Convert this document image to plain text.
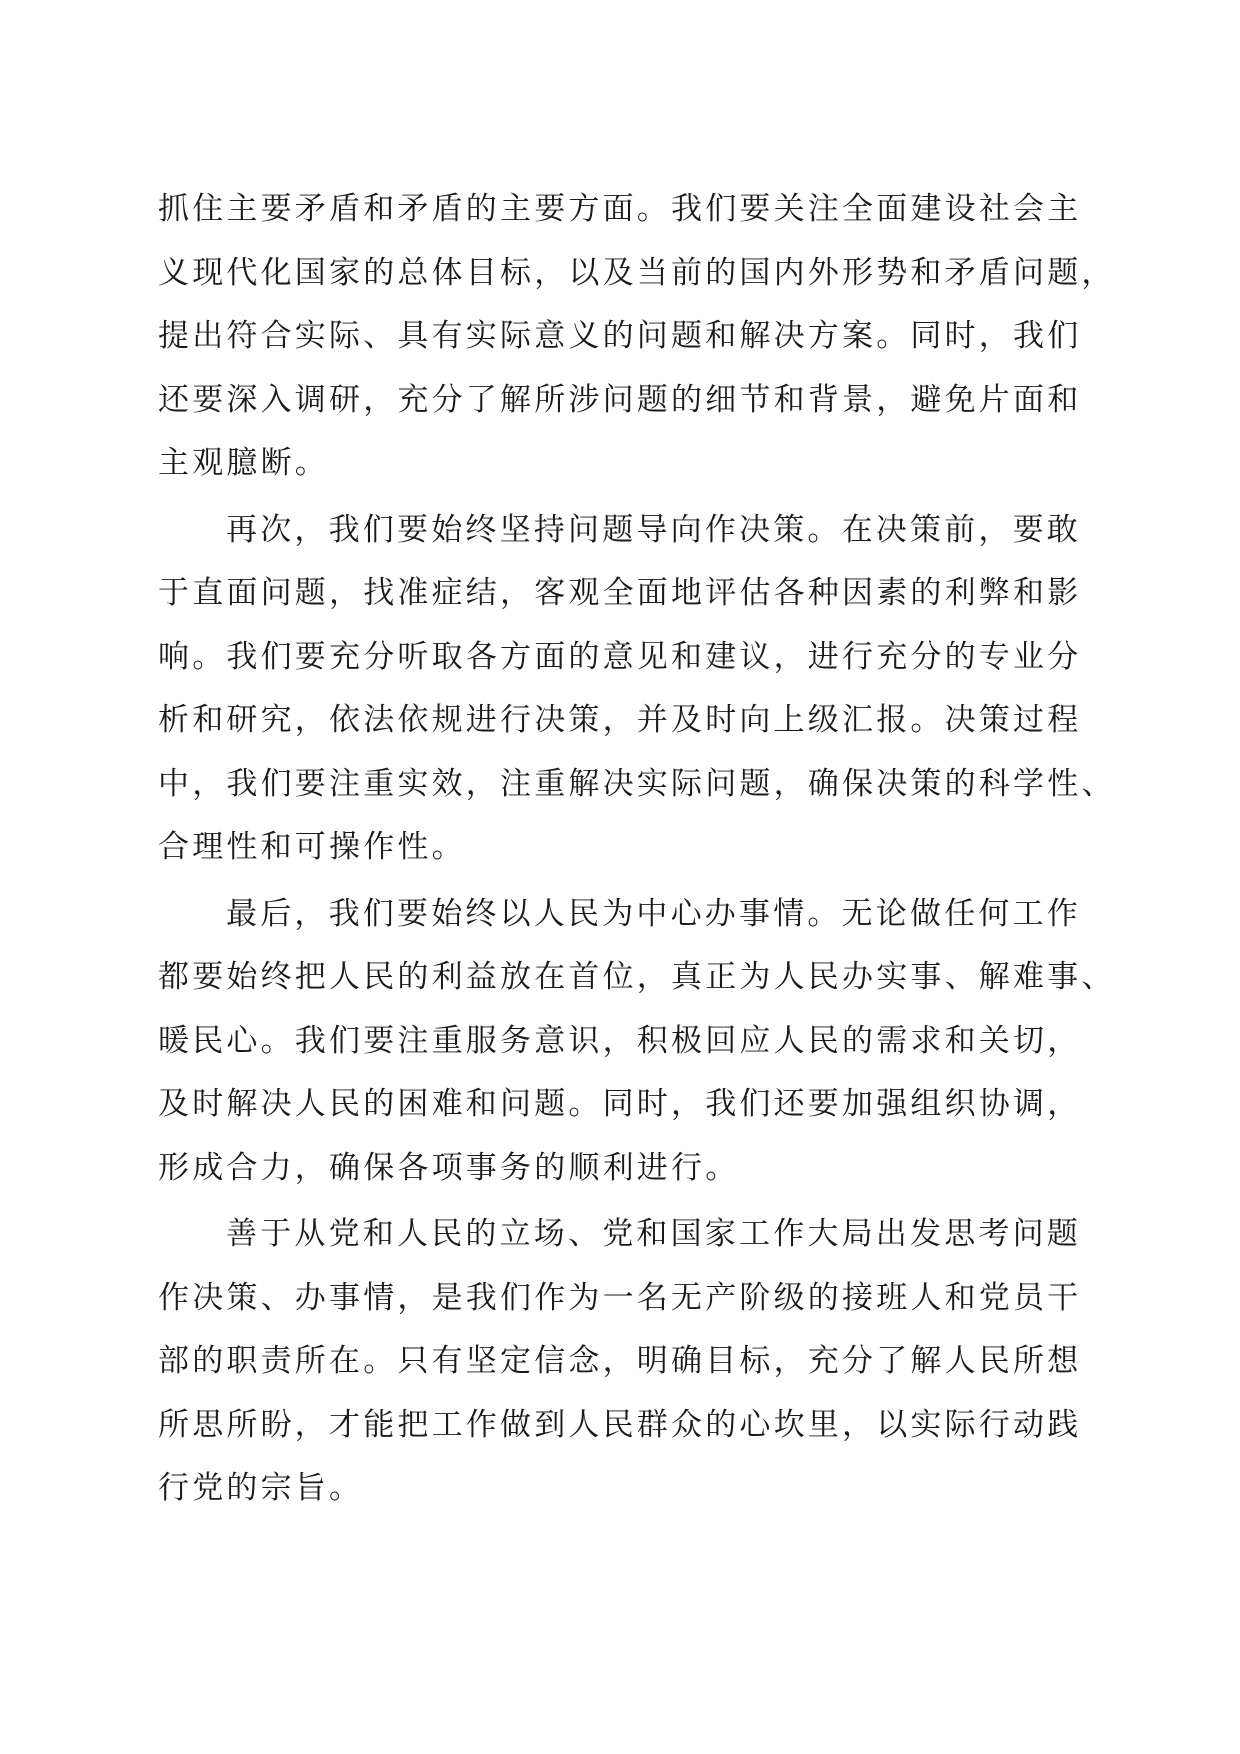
抓住主要矛盾和矛盾的主要方面。我们要关注全面建设社会主
义现代化国家的总体目标，以及当前的国内外形势和矛盾问题，
提出符合实际、具有实际意义的问题和解决方案。同时，我们
还要深入调研，充分了解所涉问题的细节和背景，避免片面和
主观臆断。
再次，我们要始终坚持问题导向作决策。在决策前，要敢
于直面问题，找准症结，客观全面地评估各种因素的利弊和影
响。我们要充分听取各方面的意见和建议，进行充分的专业分
析和研究，依法依规进行决策，并及时向上级汇报。决策过程
中，我们要注重实效，注重解决实际问题，确保决策的科学性、
合理性和可操作性。
最后，我们要始终以人民为中心办事情。无论做任何工作
都要始终把人民的利益放在首位，真正为人民办实事、解难事、
暖民心。我们要注重服务意识，积极回应人民的需求和关切，
及时解决人民的困难和问题。同时，我们还要加强组织协调，
形成合力，确保各项事务的顺利进行。
善于从党和人民的立场、党和国家工作大局出发思考问题
作决策、办事情，是我们作为一名无产阶级的接班人和党员干
部的职责所在。只有坚定信念，明确目标，充分了解人民所想
所思所盼，才能把工作做到人民群众的心坎里，以实际行动践
行党的宗旨。
